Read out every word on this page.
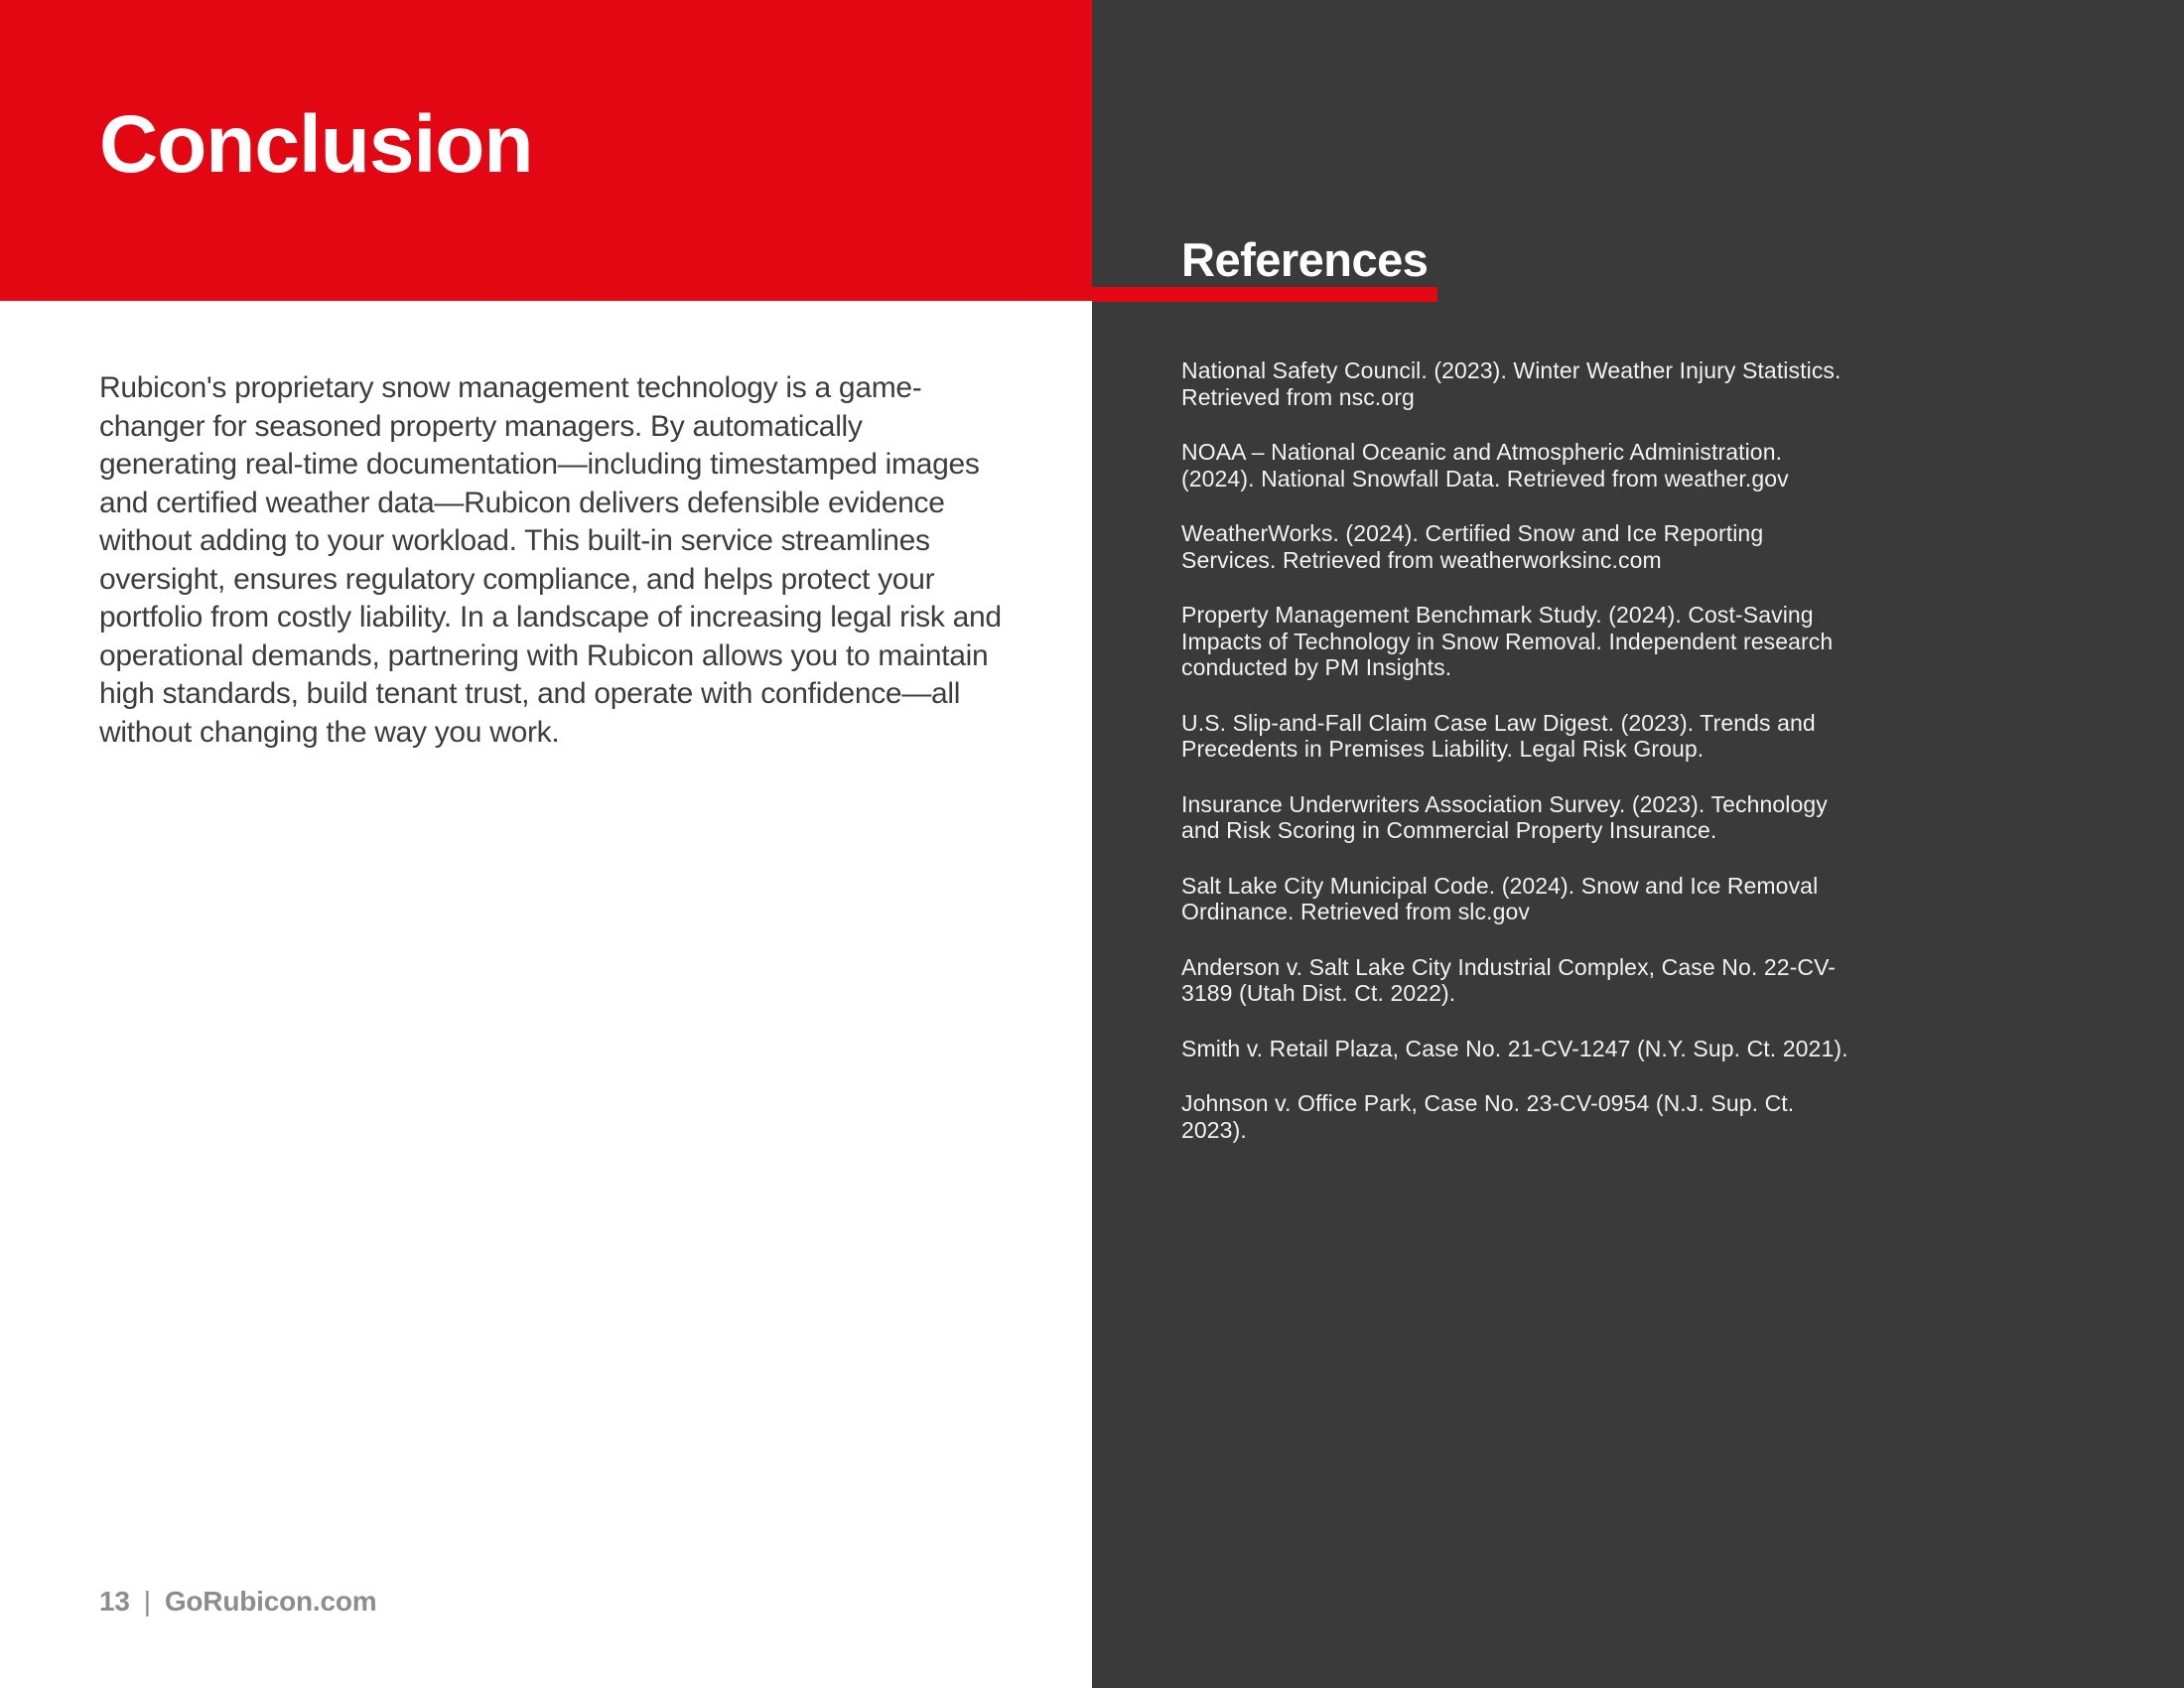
Conclusion

Rubicon's proprietary snow management technology is a game-changer for seasoned property managers. By automatically generating real-time documentation—including timestamped images and certified weather data—Rubicon delivers defensible evidence without adding to your workload. This built-in service streamlines oversight, ensures regulatory compliance, and helps protect your portfolio from costly liability. In a landscape of increasing legal risk and operational demands, partnering with Rubicon allows you to maintain high standards, build tenant trust, and operate with confidence—all without changing the way you work.

13 | GoRubicon.com
References

National Safety Council. (2023). Winter Weather Injury Statistics. Retrieved from nsc.org

NOAA – National Oceanic and Atmospheric Administration. (2024). National Snowfall Data. Retrieved from weather.gov

WeatherWorks. (2024). Certified Snow and Ice Reporting Services. Retrieved from weatherworksinc.com

Property Management Benchmark Study. (2024). Cost-Saving Impacts of Technology in Snow Removal. Independent research conducted by PM Insights.

U.S. Slip-and-Fall Claim Case Law Digest. (2023). Trends and Precedents in Premises Liability. Legal Risk Group.

Insurance Underwriters Association Survey. (2023). Technology and Risk Scoring in Commercial Property Insurance.

Salt Lake City Municipal Code. (2024). Snow and Ice Removal Ordinance. Retrieved from slc.gov

Anderson v. Salt Lake City Industrial Complex, Case No. 22-CV-3189 (Utah Dist. Ct. 2022).

Smith v. Retail Plaza, Case No. 21-CV-1247 (N.Y. Sup. Ct. 2021).

Johnson v. Office Park, Case No. 23-CV-0954 (N.J. Sup. Ct. 2023).
